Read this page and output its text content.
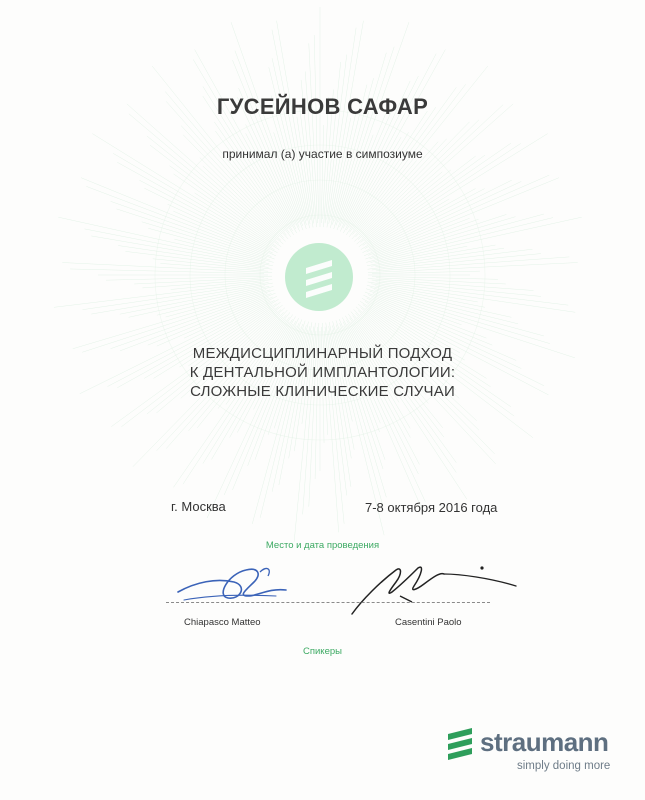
ГУСЕЙНОВ САФАР
принимал (а) участие в симпозиуме
МЕЖДИСЦИПЛИНАРНЫЙ ПОДХОД
К ДЕНТАЛЬНОЙ ИМПЛАНТОЛОГИИ:
СЛОЖНЫЕ КЛИНИЧЕСКИЕ СЛУЧАИ
г. Москва	7-8 октября 2016 года
Место и дата проведения
Chiapasco Matteo	Casentini Paolo
Спикеры
straumann
simply doing more
